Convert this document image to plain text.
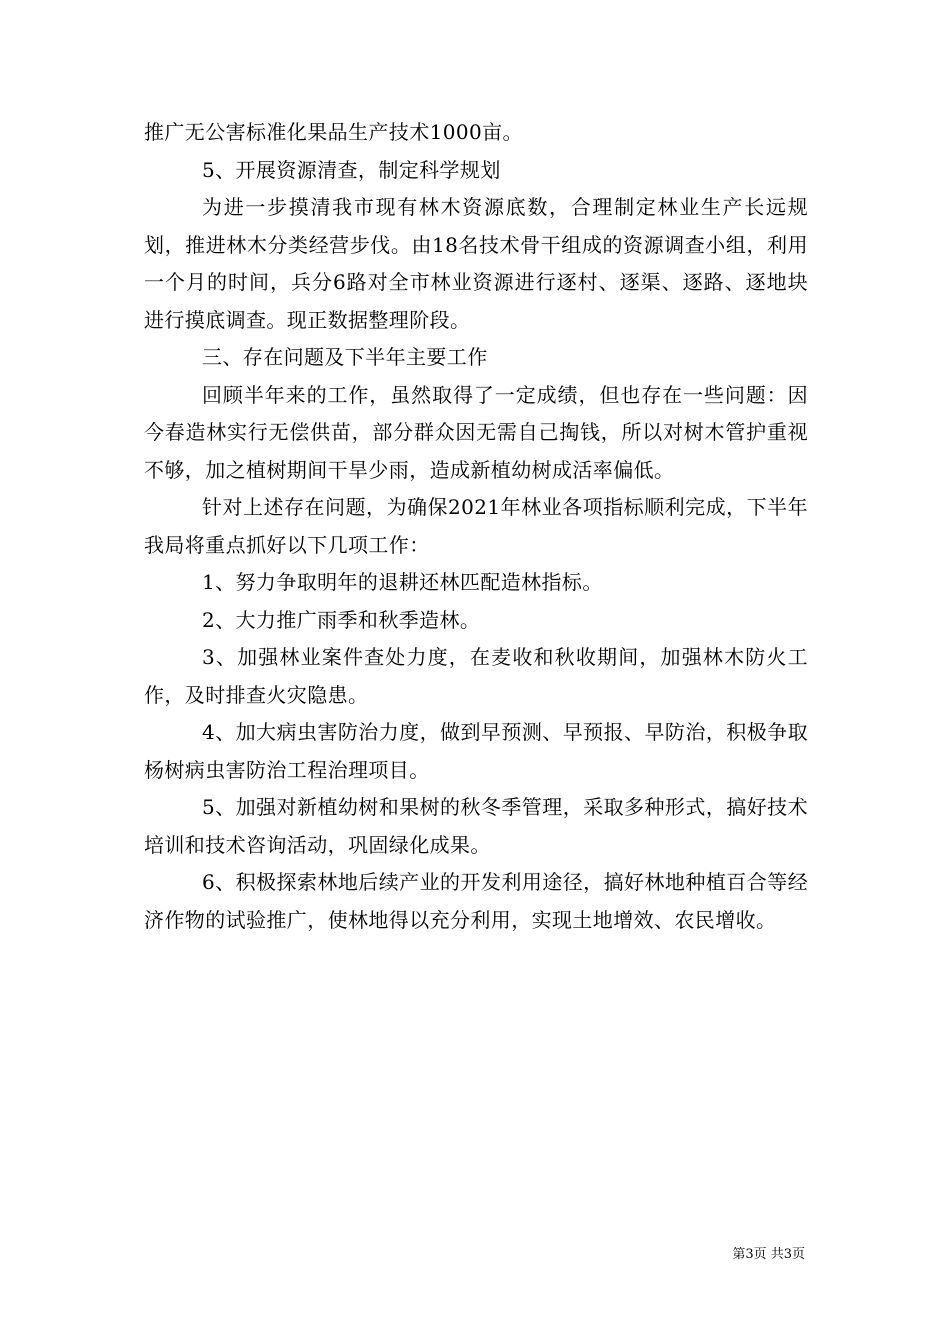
推广无公害标准化果品生产技术1000亩。

5、开展资源清查，制定科学规划

为进一步摸清我市现有林木资源底数，合理制定林业生产长远规划，推进林木分类经营步伐。由18名技术骨干组成的资源调查小组，利用一个月的时间，兵分6路对全市林业资源进行逐村、逐渠、逐路、逐地块进行摸底调查。现正数据整理阶段。

三、存在问题及下半年主要工作

回顾半年来的工作，虽然取得了一定成绩，但也存在一些问题：因今春造林实行无偿供苗，部分群众因无需自己掏钱，所以对树木管护重视不够，加之植树期间干旱少雨，造成新植幼树成活率偏低。

针对上述存在问题，为确保2021年林业各项指标顺利完成，下半年我局将重点抓好以下几项工作：

1、努力争取明年的退耕还林匹配造林指标。

2、大力推广雨季和秋季造林。

3、加强林业案件查处力度，在麦收和秋收期间，加强林木防火工作，及时排查火灾隐患。

4、加大病虫害防治力度，做到早预测、早预报、早防治，积极争取杨树病虫害防治工程治理项目。

5、加强对新植幼树和果树的秋冬季管理，采取多种形式，搞好技术培训和技术咨询活动，巩固绿化成果。

6、积极探索林地后续产业的开发利用途径，搞好林地种植百合等经济作物的试验推广，使林地得以充分利用，实现土地增效、农民增收。

第3页 共3页
